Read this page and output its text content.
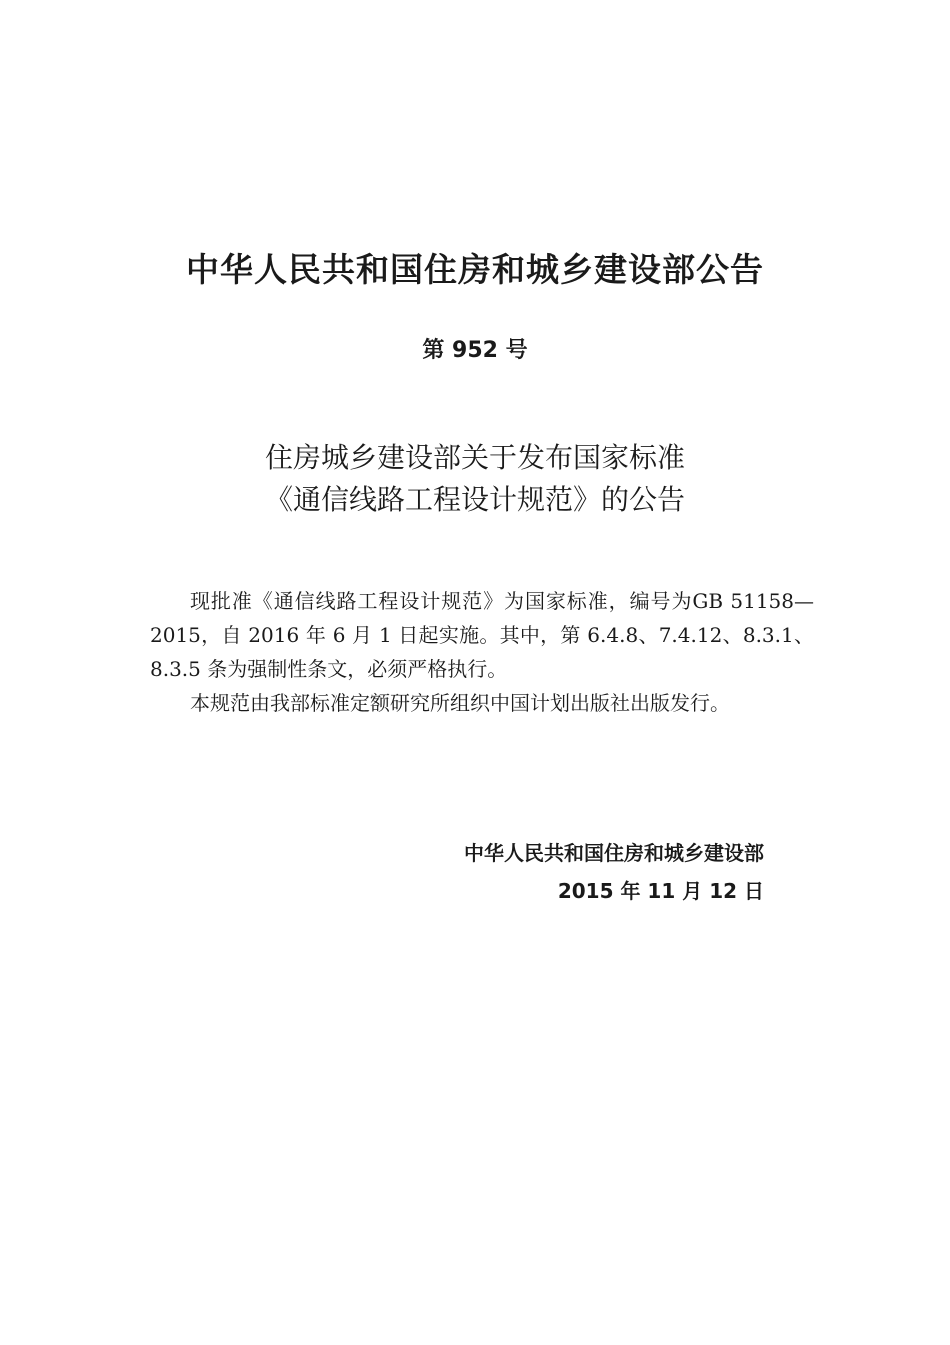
中华人民共和国住房和城乡建设部公告
第 952 号
住房城乡建设部关于发布国家标准
《通信线路工程设计规范》的公告

现批准《通信线路工程设计规范》为国家标准，编号为GB 51158—2015，自 2016 年 6 月 1 日起实施。其中，第 6.4.8、7.4.12、8.3.1、8.3.5 条为强制性条文，必须严格执行。

本规范由我部标准定额研究所组织中国计划出版社出版发行。

中华人民共和国住房和城乡建设部
2015 年 11 月 12 日
